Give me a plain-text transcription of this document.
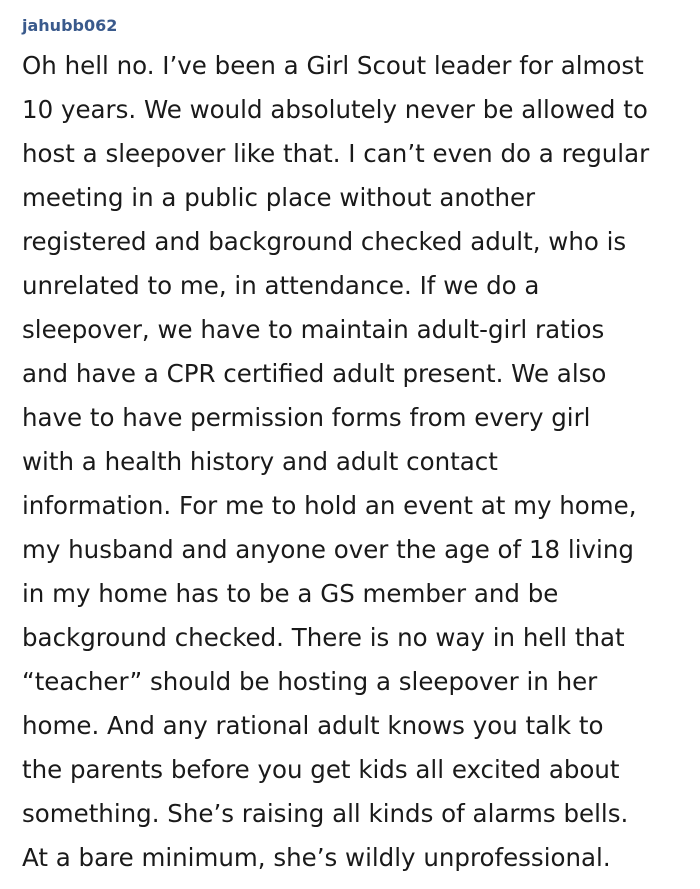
jahubb062
Oh hell no. I’ve been a Girl Scout leader for almost
10 years. We would absolutely never be allowed to
host a sleepover like that. I can’t even do a regular
meeting in a public place without another
registered and background checked adult, who is
unrelated to me, in attendance. If we do a
sleepover, we have to maintain adult-girl ratios
and have a CPR certified adult present. We also
have to have permission forms from every girl
with a health history and adult contact
information. For me to hold an event at my home,
my husband and anyone over the age of 18 living
in my home has to be a GS member and be
background checked. There is no way in hell that
“teacher” should be hosting a sleepover in her
home. And any rational adult knows you talk to
the parents before you get kids all excited about
something. She’s raising all kinds of alarms bells.
At a bare minimum, she’s wildly unprofessional.
